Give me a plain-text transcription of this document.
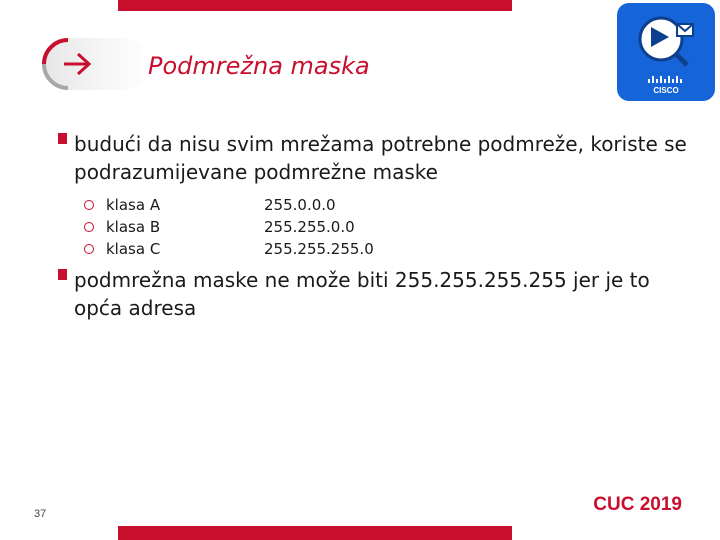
Podmrežna maska
CISCO
budući da nisu svim mrežama potrebne podmreže, koriste se podrazumijevane podmrežne maske
klasa A	255.0.0.0
klasa B	255.255.0.0
klasa C	255.255.255.0
podmrežna maske ne može biti 255.255.255.255 jer je to opća adresa
37	CUC 2019
